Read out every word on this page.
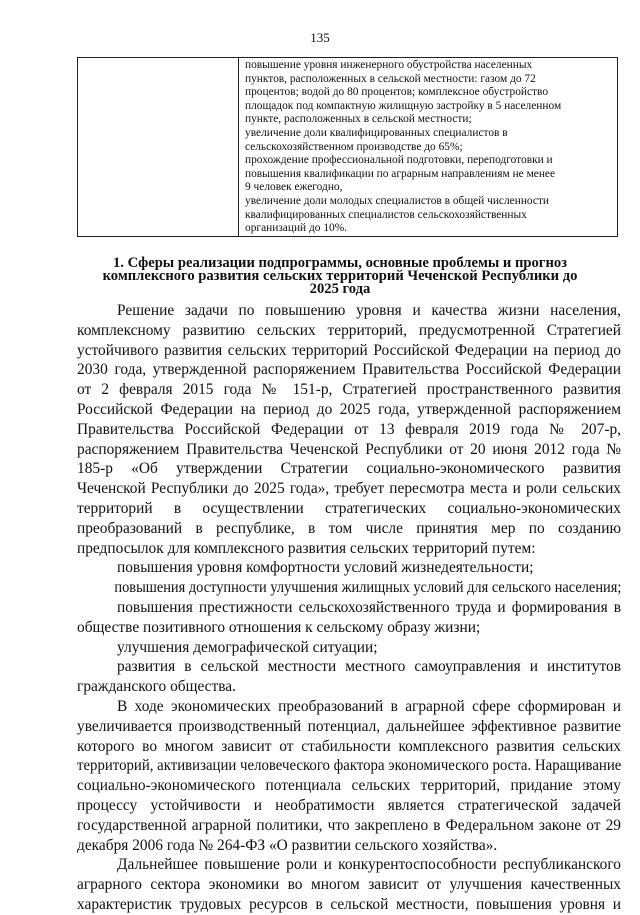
135

повышение уровня инженерного обустройства населенных
пунктов, расположенных в сельской местности: газом до 72
процентов; водой до 80 процентов; комплексное обустройство
площадок под компактную жилищную застройку в 5 населенном
пункте, расположенных в сельской местности;
увеличение доли квалифицированных специалистов в
сельскохозяйственном производстве до 65%;
прохождение профессиональной подготовки, переподготовки и
повышения квалификации по аграрным направлениям не менее
9 человек ежегодно,
увеличение доли молодых специалистов в общей численности
квалифицированных специалистов сельскохозяйственных
организаций до 10%.
1. Сферы реализации подпрограммы, основные проблемы и прогноз
комплексного развития сельских территорий Чеченской Республики до
2025 года
Решение задачи по повышению уровня и качества жизни населения,
комплексному развитию сельских территорий, предусмотренной Стратегией
устойчивого развития сельских территорий Российской Федерации на период до
2030 года, утвержденной распоряжением Правительства Российской Федерации
от 2 февраля 2015 года № 151-р, Стратегией пространственного развития
Российской Федерации на период до 2025 года, утвержденной распоряжением
Правительства Российской Федерации от 13 февраля 2019 года № 207-р,
распоряжением Правительства Чеченской Республики от 20 июня 2012 года №
185-р «Об утверждении Стратегии социально-экономического развития
Чеченской Республики до 2025 года», требует пересмотра места и роли сельских
территорий в осуществлении стратегических социально-экономических
преобразований в республике, в том числе принятия мер по созданию
предпосылок для комплексного развития сельских территорий путем:
повышения уровня комфортности условий жизнедеятельности;
повышения доступности улучшения жилищных условий для сельского населения;
повышения престижности сельскохозяйственного труда и формирования в
обществе позитивного отношения к сельскому образу жизни;
улучшения демографической ситуации;
развития в сельской местности местного самоуправления и институтов
гражданского общества.
В ходе экономических преобразований в аграрной сфере сформирован и
увеличивается производственный потенциал, дальнейшее эффективное развитие
которого во многом зависит от стабильности комплексного развития сельских
территорий, активизации человеческого фактора экономического роста. Наращивание
социально-экономического потенциала сельских территорий, придание этому
процессу устойчивости и необратимости является стратегической задачей
государственной аграрной политики, что закреплено в Федеральном законе от 29
декабря 2006 года № 264-ФЗ «О развитии сельского хозяйства».
Дальнейшее повышение роли и конкурентоспособности республиканского
аграрного сектора экономики во многом зависит от улучшения качественных
характеристик трудовых ресурсов в сельской местности, повышения уровня и
